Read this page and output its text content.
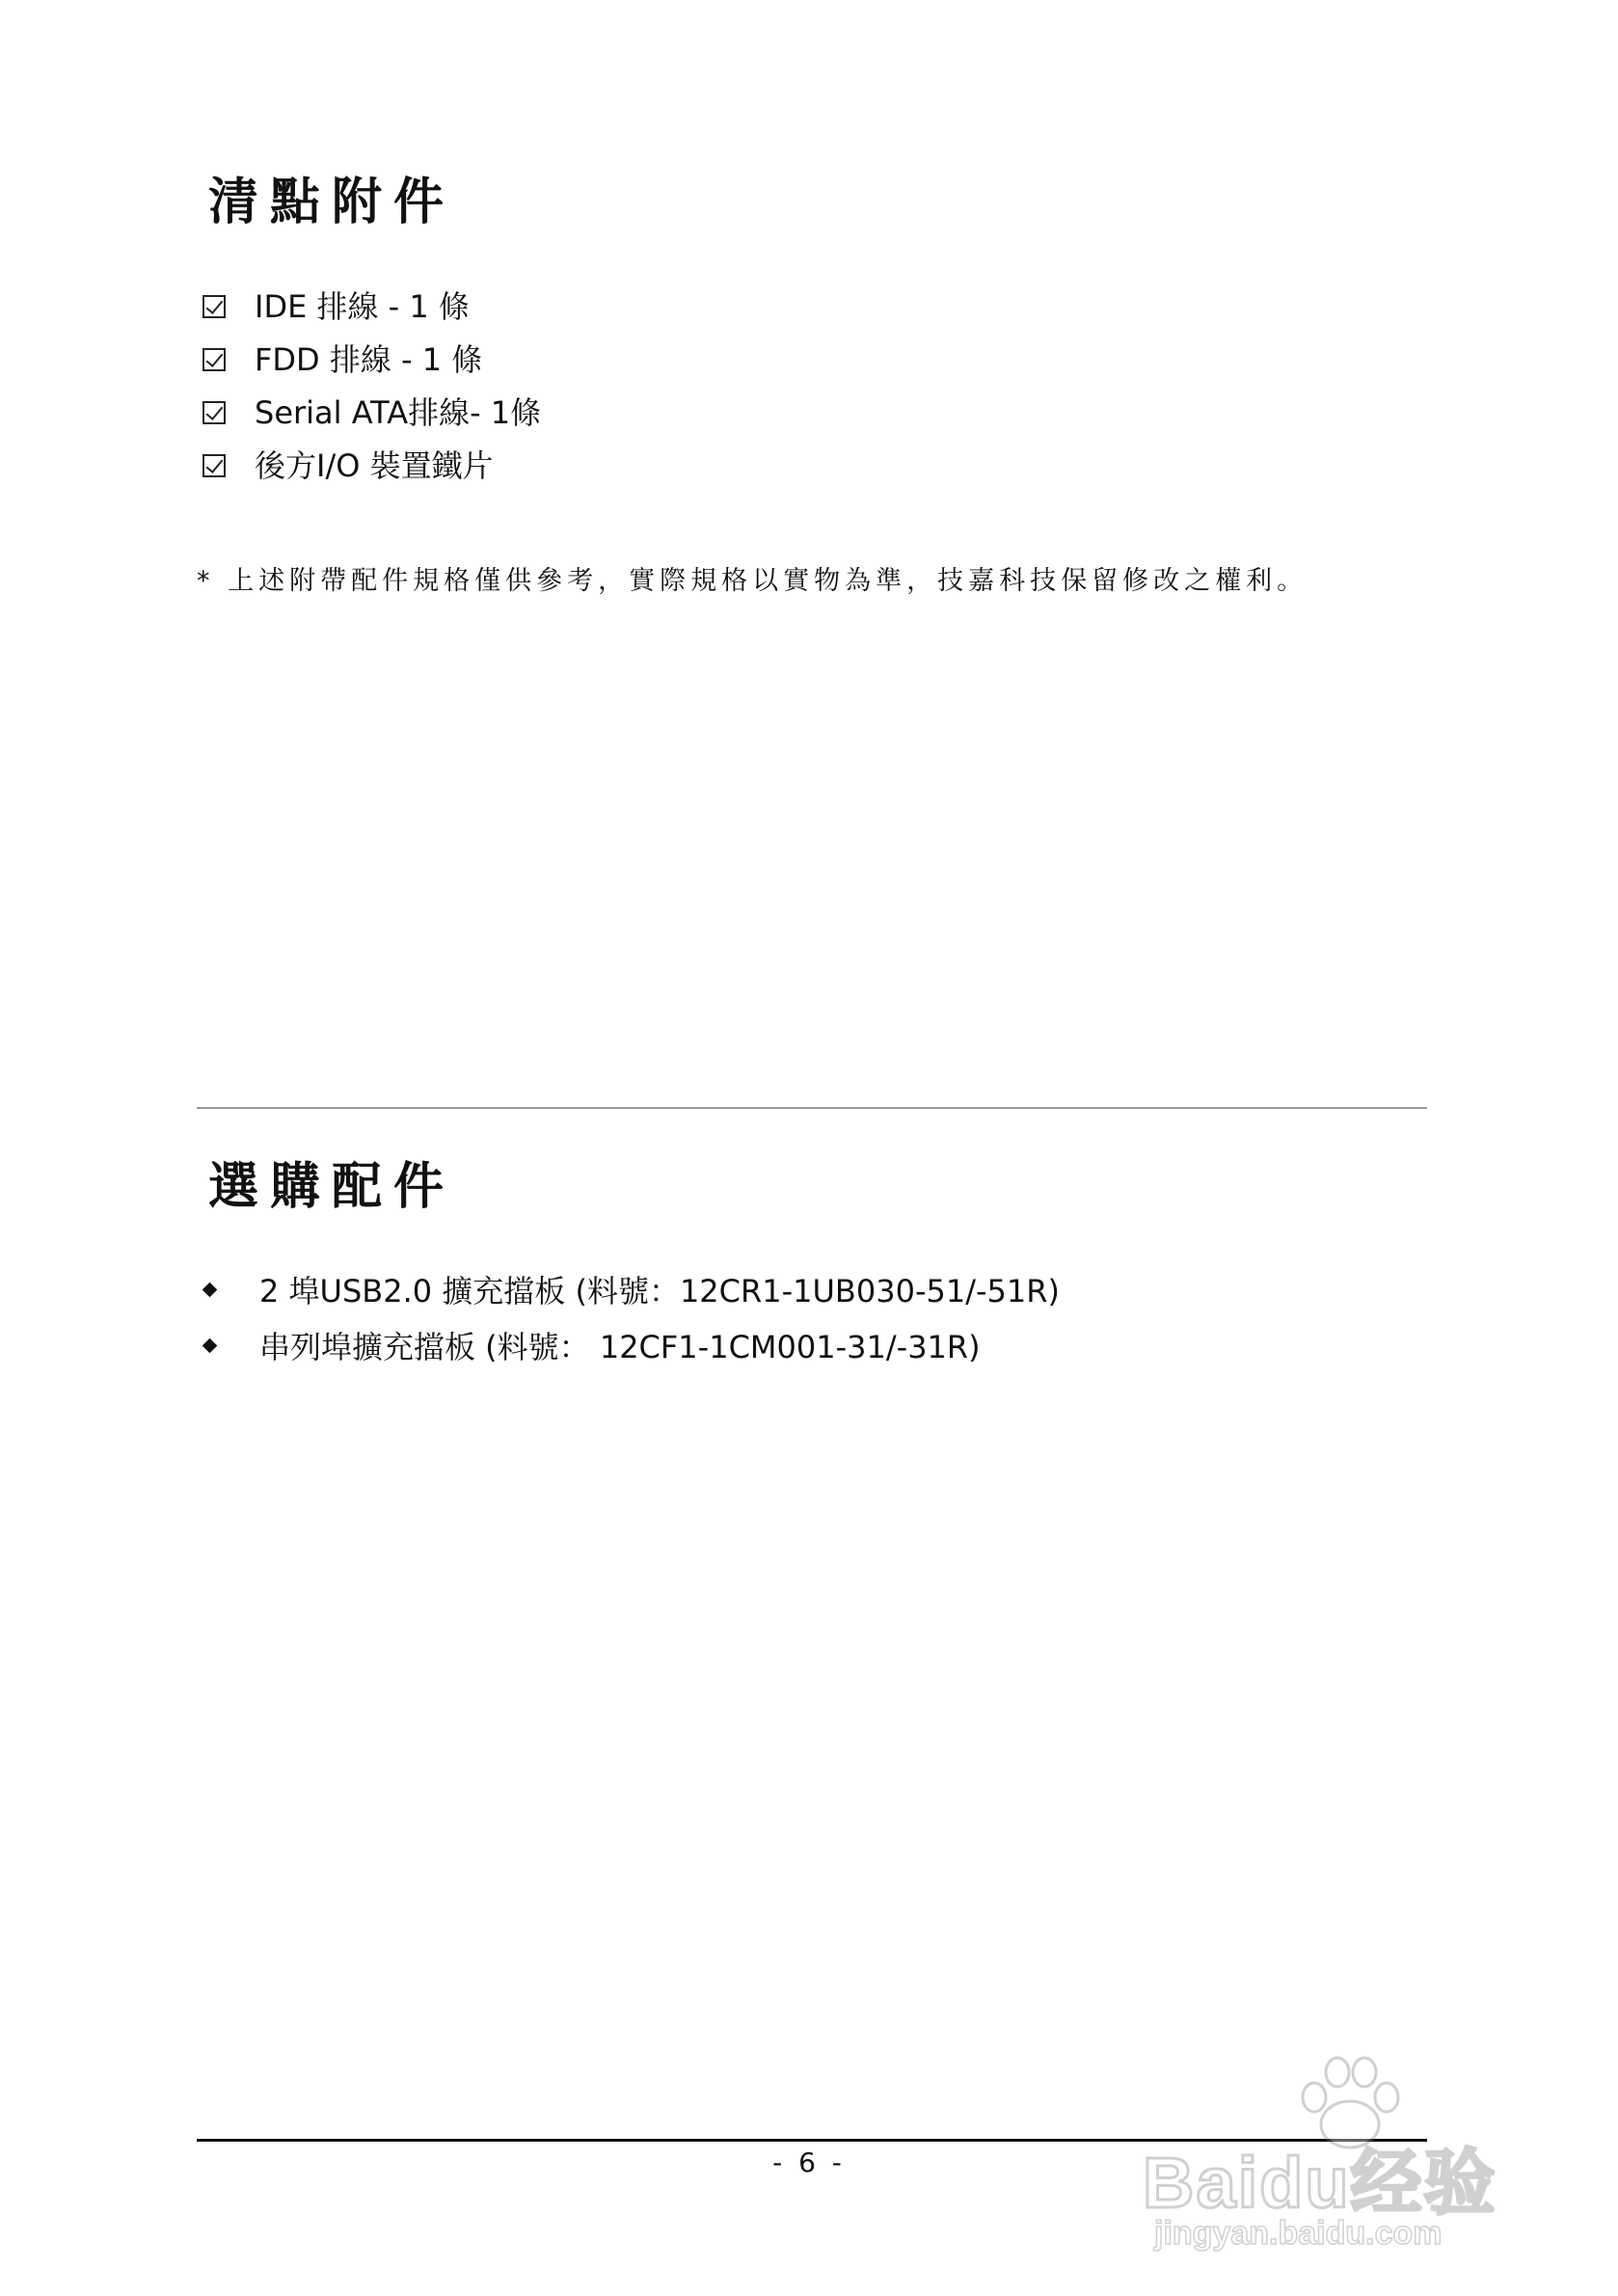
清點附件
IDE 排線 - 1 條
FDD 排線 - 1 條
Serial ATA排線- 1條
後方I/O 裝置鐵片

* 上述附帶配件規格僅供參考，實際規格以實物為準，技嘉科技保留修改之權利。

選購配件
2 埠USB2.0 擴充擋板 (料號：12CR1-1UB030-51/-51R)
串列埠擴充擋板 (料號： 12CF1-1CM001-31/-31R)

- 6 -	Baidu经验
jingyan.baidu.com
